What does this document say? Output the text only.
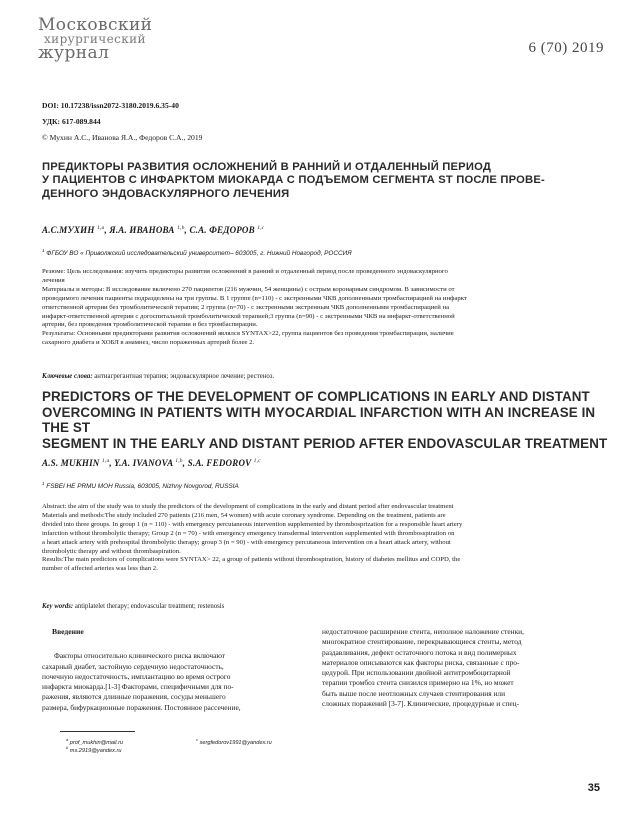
Московский
хирургический
журнал	6 (70) 2019
DOI: 10.17238/issn2072-3180.2019.6.35-40
УДК: 617-089.844
© Мухин А.С., Иванова Я.А., Федоров С.А., 2019
ПРЕДИКТОРЫ РАЗВИТИЯ ОСЛОЖНЕНИЙ В РАННИЙ И ОТДАЛЕННЫЙ ПЕРИОД
У ПАЦИЕНТОВ С ИНФАРКТОМ МИОКАРДА С ПОДЪЕМОМ СЕГМЕНТА ST ПОСЛЕ ПРОВЕ-
ДЕННОГО ЭНДОВАСКУЛЯРНОГО ЛЕЧЕНИЯ
А.С.МУХИН $^{1,a}$, Я.А. ИВАНОВА $^{1,b}$, С.А. ФЕДОРОВ $^{1,c}$
$^1$ ФГБОУ ВО « Приволжский исследовательский университет– 603005, г. Нижний Новгород, РОССИЯ

Резюме: Цель исследования: изучить предикторы развития осложнений в ранний и отдаленный период после проведенного эндоваскулярного

лечения

Материалы и методы: В исследование включено 270 пациентов (216 мужчин, 54 женщины) с острым коронарным синдромом. В зависимости от

проводимого лечения пациенты подразделены на три группы. В 1 группе (n=110) - с экстренными ЧКВ дополненными тромбаспирацией на инфаркт

ответственной артерии без тромболитической терапии; 2 группа (n=70) - с экстренными экстренным ЧКВ дополненными тромбаспирацией на

инфаркт-ответственной артерии с догоспитальной тромболитической терапией;3 группа (n=90) - с экстренными ЧКВ на инфаркт-ответственной

артерии, без проведения тромболитической терапии и без тромбаспирации.

Результаты: Основными предикторами развития осложнений являлся SYNTAX>22, группа пациентов без проведения тромбаспирации, наличие

сахарного диабета и ХОБЛ в анамнез, число пораженных артерий более 2.

Ключевые слова: антиагрегантная терапия; эндоваскулярное лечение; рестеноз.
PREDICTORS OF THE DEVELOPMENT OF COMPLICATIONS IN EARLY AND DISTANT
OVERCOMING IN PATIENTS WITH MYOCARDIAL INFARCTION WITH AN INCREASE IN THE ST
SEGMENT IN THE EARLY AND DISTANT PERIOD AFTER ENDOVASCULAR TREATMENT
A.S. MUKHIN $^{1,a}$, Y.A. IVANOVA $^{1,b}$, S.A. FEDOROV $^{1,c}$
$^1$ FSBEI HE PRMU MOH Russia, 603005, Nizhny Novgorod, RUSSIA

Abstract: the aim of the study was to study the predictors of the development of complications in the early and distant period after endovascular treatment

Materials and methods:The study included 270 patients (216 men, 54 women) with acute coronary syndrome. Depending on the treatment, patients are

divided into three groups. In group 1 (n = 110) - with emergency percutaneous intervention supplemented by thrombosprization for a responsible heart artery

infarction without thrombolytic therapy; Group 2 (n = 70) - with emergency emergency transdermal intervention supplemented with thrombosspiration on

a heart attack artery with prehospital thrombolytic therapy; group 3 (n = 90) - with emergency percutaneous intervention on a heart attack artery, without

thrombolytic therapy and without thrombaspiration.

Results:The main predictors of complications were SYNTAX> 22, a group of patients without thrombospiration, history of diabetes mellitus and COPD, the

number of affected arteries was less than 2.

Key words: antiplatelet therapy; endovascular treatment; restenosis
Введение

Факторы относительно клинического риска включают

сахарный диабет, застойную сердечную недостаточность,

почечную недостаточность, имплантацию во время острого

инфаркта миокарда.[1-3] Факторами, специфичными для по-

ражения, являются длинные поражения, сосуды меньшего

размера, бифуркационные поражения. Постоянное рассечение,

недостаточное расширение стента, неполное наложение стенки,

многократное стентирование, перекрывающиеся стенты, метод

раздавливания, дефект остаточного потока и вид полимерных

материалов описываются как факторы риска, связанные с про-

цедурой. При использовании двойной антитромбоцитарной

терапии тромбоз стента снизился примерно на 1%, но может

быть выше после неотложных случаев стентирования или

сложных поражений [3-7]. Клинические, процедурные и спец-

$^a$ prof_mukhin@mail.ru
$^b$ ms.2919@yandex.ru
$^c$ sergfedorov1991@yandex.ru
35
